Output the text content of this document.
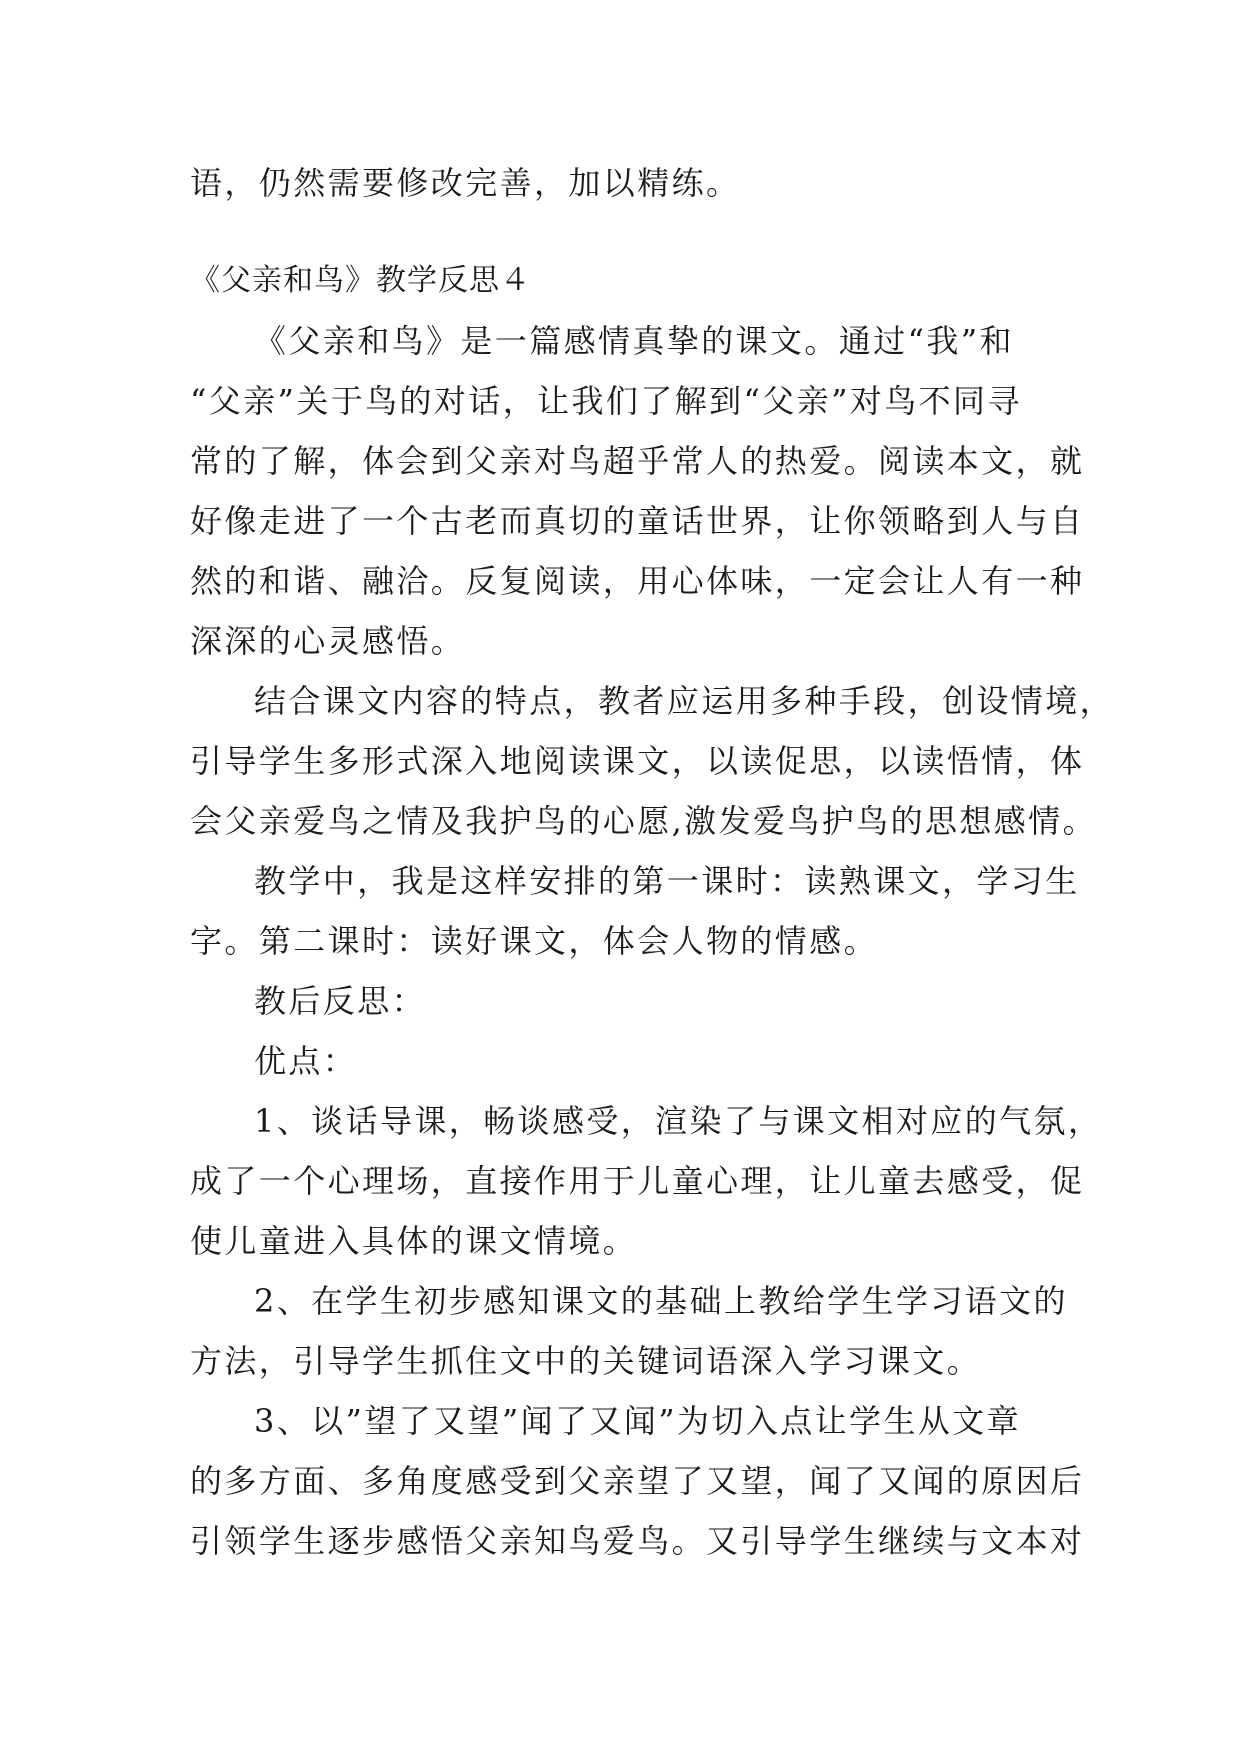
语，仍然需要修改完善，加以精练。
《父亲和鸟》教学反思４
《父亲和鸟》是一篇感情真挚的课文。通过“我”和
“父亲”关于鸟的对话，让我们了解到“父亲”对鸟不同寻
常的了解，体会到父亲对鸟超乎常人的热爱。阅读本文，就
好像走进了一个古老而真切的童话世界，让你领略到人与自
然的和谐、融洽。反复阅读，用心体味，一定会让人有一种
深深的心灵感悟。
结合课文内容的特点，教者应运用多种手段，创设情境，
引导学生多形式深入地阅读课文，以读促思，以读悟情，体
会父亲爱鸟之情及我护鸟的心愿,激发爱鸟护鸟的思想感情。
教学中，我是这样安排的第一课时：读熟课文，学习生
字。第二课时：读好课文，体会人物的情感。
教后反思：
优点：
1、谈话导课，畅谈感受，渲染了与课文相对应的气氛，
成了一个心理场，直接作用于儿童心理，让儿童去感受，促
使儿童进入具体的课文情境。
2、在学生初步感知课文的基础上教给学生学习语文的
方法，引导学生抓住文中的关键词语深入学习课文。
3、以”望了又望”闻了又闻”为切入点让学生从文章
的多方面、多角度感受到父亲望了又望，闻了又闻的原因后
引领学生逐步感悟父亲知鸟爱鸟。又引导学生继续与文本对
